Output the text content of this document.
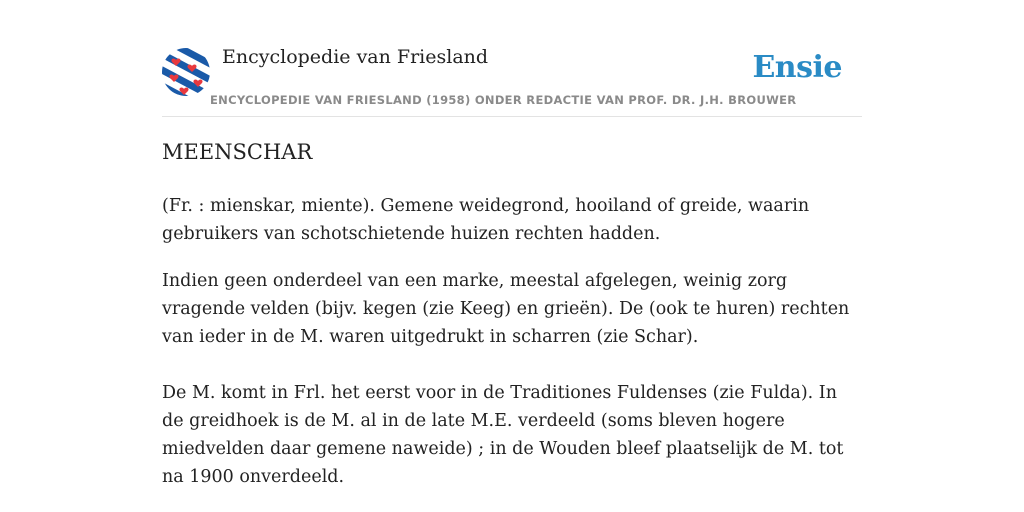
Encyclopedie van Friesland	Ensie
ENCYCLOPEDIE VAN FRIESLAND (1958) ONDER REDACTIE VAN PROF. DR. J.H. BROUWER
MEENSCHAR

(Fr. : mienskar, miente). Gemene weidegrond, hooiland of greide, waarin gebruikers van schotschietende huizen rechten hadden.

Indien geen onderdeel van een marke, meestal afgelegen, weinig zorg vragende velden (bijv. kegen (zie Keeg) en grieën). De (ook te huren) rechten van ieder in de M. waren uitgedrukt in scharren (zie Schar).

De M. komt in Frl. het eerst voor in de Traditiones Fuldenses (zie Fulda). In de greidhoek is de M. al in de late M.E. verdeeld (soms bleven hogere miedvelden daar gemene naweide) ; in de Wouden bleef plaatselijk de M. tot na 1900 onverdeeld.
